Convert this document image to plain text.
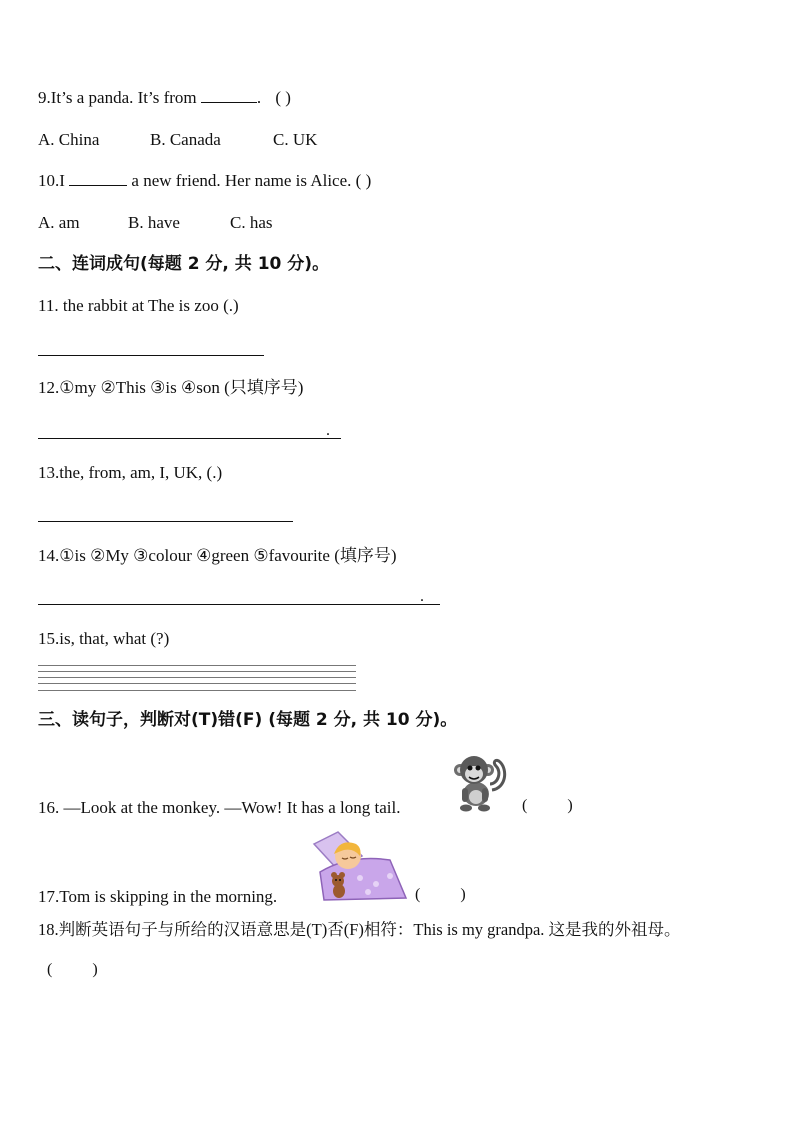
9.It’s a panda. It’s from	. ( )
A. China	B. Canada	C. UK
10.I	a new friend. Her name is Alice. ( )
A. am	B. have	C. has
二、连词成句(每题 2 分, 共 10 分)。
11. the rabbit at The is zoo (.)
12.①my ②This ③is ④son (只填序号)
.
13.the, from, am, I, UK, (.)
14.①is ②My ③colour ④green ⑤favourite (填序号)
.
15.is, that, what (?)
三、读句子，判断对(T)错(F) (每题 2 分, 共 10 分)。
16. —Look at the monkey. —Wow! It has a long tail.	(          )
17.Tom is skipping in the morning.	(          )
18.判断英语句子与所给的汉语意思是(T)否(F)相符：This is my grandpa. 这是我的外祖母。
(          )
